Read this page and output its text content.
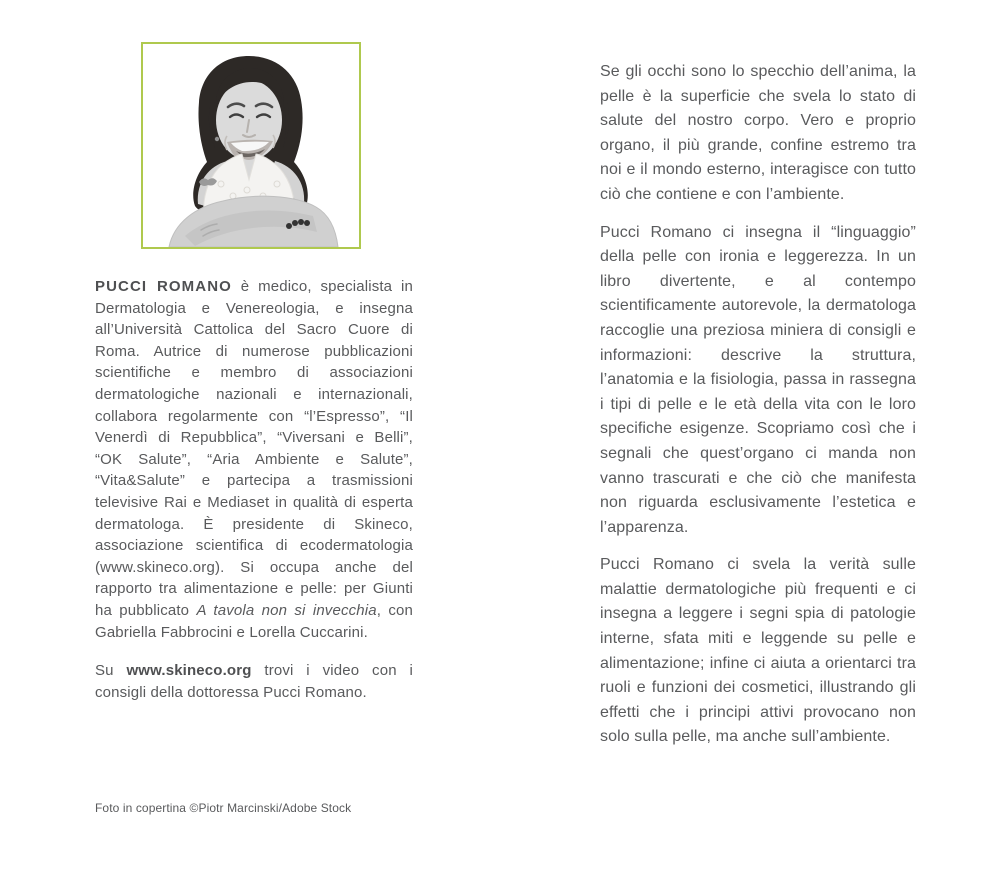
PUCCI ROMANO è medico, specialista in Dermatologia e Venereologia, e insegna all’Università Cattolica del Sacro Cuore di Roma. Autrice di numerose pubblicazioni scientifiche e membro di associazioni dermatologiche nazionali e internazionali, collabora regolarmente con “l’Espresso”, “Il Venerdì di Repubblica”, “Viversani e Belli”, “OK Salute”, “Aria Ambiente e Salute”, “Vita&Salute” e partecipa a trasmissioni televisive Rai e Mediaset in qualità di esperta dermatologa. È presidente di Skineco, associazione scientifica di ecodermatologia (www.skineco.org). Si occupa anche del rapporto tra alimentazione e pelle: per Giunti ha pubblicato A tavola non si invecchia, con Gabriella Fabbrocini e Lorella Cuccarini.

Su www.skineco.org trovi i video con i consigli della dottoressa Pucci Romano.

Foto in copertina ©Piotr Marcinski/Adobe Stock

Se gli occhi sono lo specchio dell’anima, la pelle è la superficie che svela lo stato di salute del nostro corpo. Vero e proprio organo, il più grande, confine estremo tra noi e il mondo esterno, interagisce con tutto ciò che contiene e con l’ambiente.

Pucci Romano ci insegna il “linguaggio” della pelle con ironia e leggerezza. In un libro divertente, e al contempo scientificamente autorevole, la dermatologa raccoglie una preziosa miniera di consigli e informazioni: descrive la struttura, l’anatomia e la fisiologia, passa in rassegna i tipi di pelle e le età della vita con le loro specifiche esigenze. Scopriamo così che i segnali che quest’organo ci manda non vanno trascurati e che ciò che manifesta non riguarda esclusivamente l’estetica e l’apparenza.

Pucci Romano ci svela la verità sulle malattie dermatologiche più frequenti e ci insegna a leggere i segni spia di patologie interne, sfata miti e leggende su pelle e alimentazione; infine ci aiuta a orientarci tra ruoli e funzioni dei cosmetici, illustrando gli effetti che i principi attivi provocano non solo sulla pelle, ma anche sull’ambiente.
